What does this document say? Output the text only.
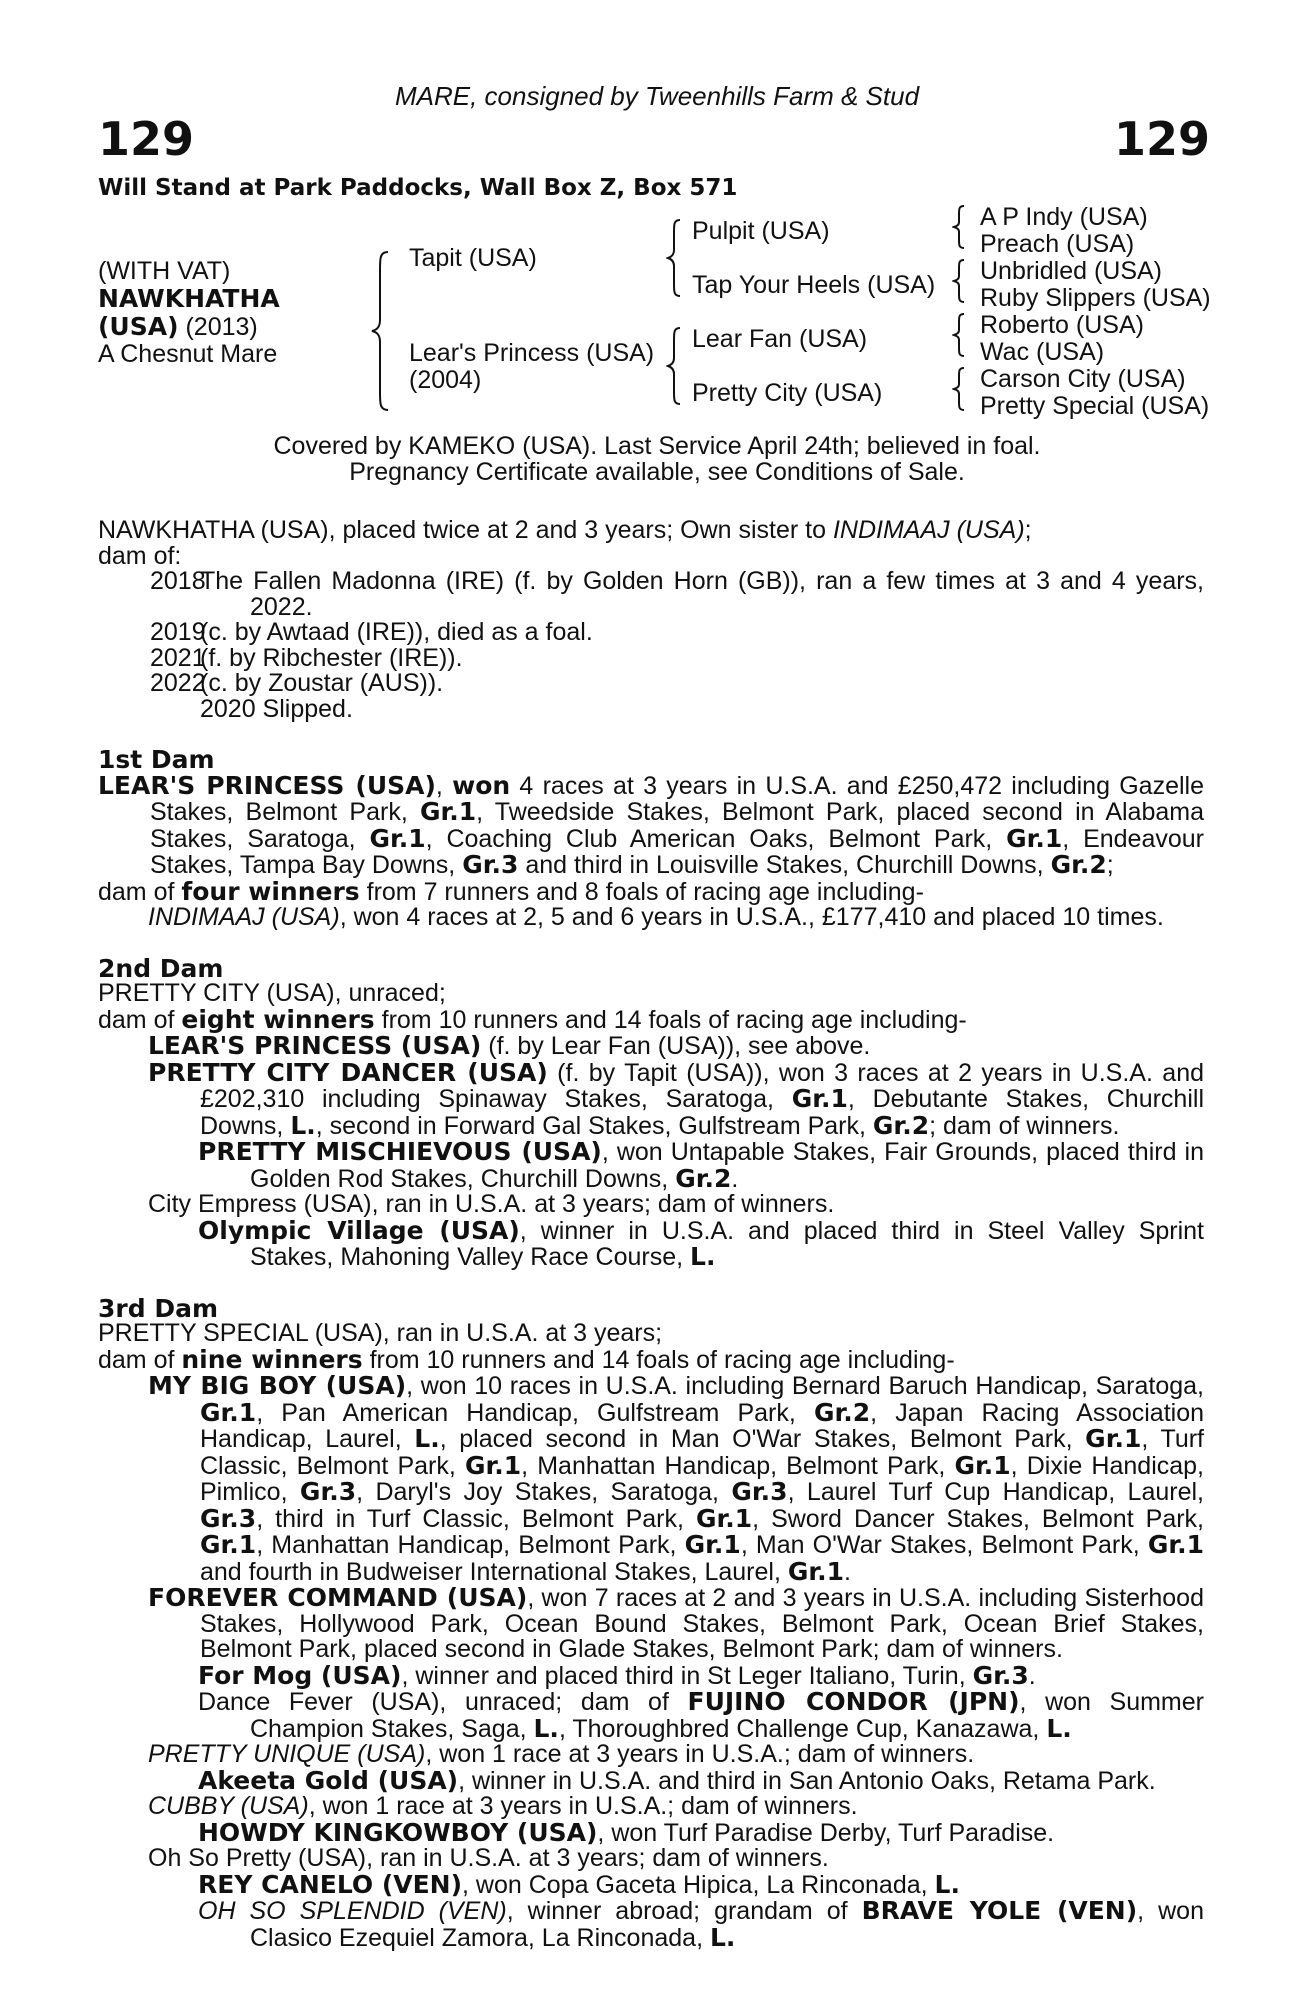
MARE, consigned by Tweenhills Farm & Stud
129	129
Will Stand at Park Paddocks, Wall Box Z, Box 571
(WITH VAT)
NAWKHATHA
(USA) (2013)
A Chesnut Mare
Tapit (USA)
Lear's Princess (USA)
(2004)
Pulpit (USA)
Tap Your Heels (USA)
Lear Fan (USA)
Pretty City (USA)
A P Indy (USA)
Preach (USA)
Unbridled (USA)
Ruby Slippers (USA)
Roberto (USA)
Wac (USA)
Carson City (USA)
Pretty Special (USA)
Covered by KAMEKO (USA). Last Service April 24th; believed in foal.
Pregnancy Certificate available, see Conditions of Sale.

NAWKHATHA (USA), placed twice at 2 and 3 years; Own sister to INDIMAAJ (USA);

dam of:

2018
The Fallen Madonna (IRE) (f. by Golden Horn (GB)), ran a few times at 3 and 4 years, 2022.
2019
(c. by Awtaad (IRE)), died as a foal.
2021
(f. by Ribchester (IRE)).
2022
(c. by Zoustar (AUS)).
2020 Slipped.
1st Dam

LEAR'S PRINCESS (USA), won 4 races at 3 years in U.S.A. and £250,472 including Gazelle Stakes, Belmont Park, Gr.1, Tweedside Stakes, Belmont Park, placed second in Alabama Stakes, Saratoga, Gr.1, Coaching Club American Oaks, Belmont Park, Gr.1, Endeavour Stakes, Tampa Bay Downs, Gr.3 and third in Louisville Stakes, Churchill Downs, Gr.2;

dam of four winners from 7 runners and 8 foals of racing age including-

INDIMAAJ (USA), won 4 races at 2, 5 and 6 years in U.S.A., £177,410 and placed 10 times.

2nd Dam

PRETTY CITY (USA), unraced;

dam of eight winners from 10 runners and 14 foals of racing age including-

LEAR'S PRINCESS (USA) (f. by Lear Fan (USA)), see above.

PRETTY CITY DANCER (USA) (f. by Tapit (USA)), won 3 races at 2 years in U.S.A. and £202,310 including Spinaway Stakes, Saratoga, Gr.1, Debutante Stakes, Churchill Downs, L., second in Forward Gal Stakes, Gulfstream Park, Gr.2; dam of winners.

PRETTY MISCHIEVOUS (USA), won Untapable Stakes, Fair Grounds, placed third in Golden Rod Stakes, Churchill Downs, Gr.2.

City Empress (USA), ran in U.S.A. at 3 years; dam of winners.

Olympic Village (USA), winner in U.S.A. and placed third in Steel Valley Sprint Stakes, Mahoning Valley Race Course, L.

3rd Dam

PRETTY SPECIAL (USA), ran in U.S.A. at 3 years;

dam of nine winners from 10 runners and 14 foals of racing age including-

MY BIG BOY (USA), won 10 races in U.S.A. including Bernard Baruch Handicap, Saratoga, Gr.1, Pan American Handicap, Gulfstream Park, Gr.2, Japan Racing Association Handicap, Laurel, L., placed second in Man O'War Stakes, Belmont Park, Gr.1, Turf Classic, Belmont Park, Gr.1, Manhattan Handicap, Belmont Park, Gr.1, Dixie Handicap, Pimlico, Gr.3, Daryl's Joy Stakes, Saratoga, Gr.3, Laurel Turf Cup Handicap, Laurel, Gr.3, third in Turf Classic, Belmont Park, Gr.1, Sword Dancer Stakes, Belmont Park, Gr.1, Manhattan Handicap, Belmont Park, Gr.1, Man O'War Stakes, Belmont Park, Gr.1 and fourth in Budweiser International Stakes, Laurel, Gr.1.

FOREVER COMMAND (USA), won 7 races at 2 and 3 years in U.S.A. including Sisterhood Stakes, Hollywood Park, Ocean Bound Stakes, Belmont Park, Ocean Brief Stakes, Belmont Park, placed second in Glade Stakes, Belmont Park; dam of winners.

For Mog (USA), winner and placed third in St Leger Italiano, Turin, Gr.3.

Dance Fever (USA), unraced; dam of FUJINO CONDOR (JPN), won Summer Champion Stakes, Saga, L., Thoroughbred Challenge Cup, Kanazawa, L.

PRETTY UNIQUE (USA), won 1 race at 3 years in U.S.A.; dam of winners.

Akeeta Gold (USA), winner in U.S.A. and third in San Antonio Oaks, Retama Park.

CUBBY (USA), won 1 race at 3 years in U.S.A.; dam of winners.

HOWDY KINGKOWBOY (USA), won Turf Paradise Derby, Turf Paradise.

Oh So Pretty (USA), ran in U.S.A. at 3 years; dam of winners.

REY CANELO (VEN), won Copa Gaceta Hipica, La Rinconada, L.

OH SO SPLENDID (VEN), winner abroad; grandam of BRAVE YOLE (VEN), won Clasico Ezequiel Zamora, La Rinconada, L.
